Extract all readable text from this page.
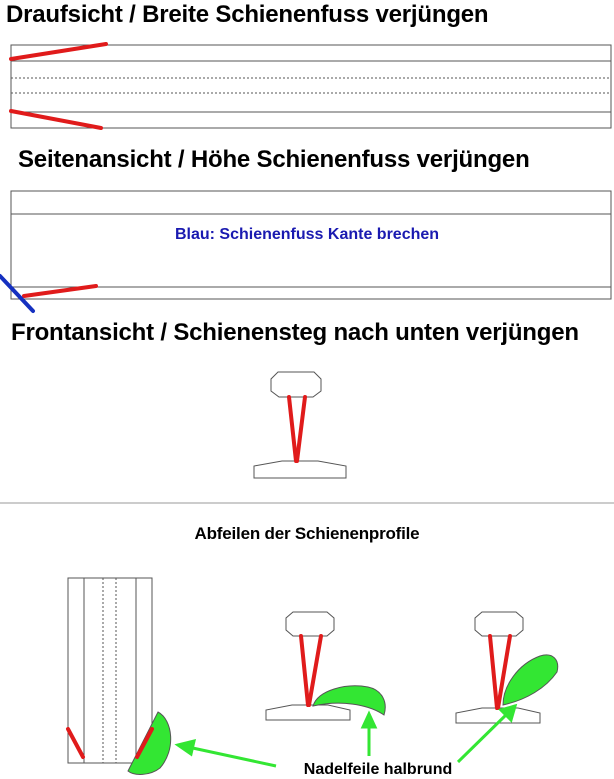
Draufsicht / Breite Schienenfuss verjüngen
Seitenansicht / Höhe Schienenfuss verjüngen
Frontansicht / Schienensteg nach unten verjüngen
Abfeilen der Schienenprofile
Blau: Schienenfuss Kante brechen
Nadelfeile halbrund
